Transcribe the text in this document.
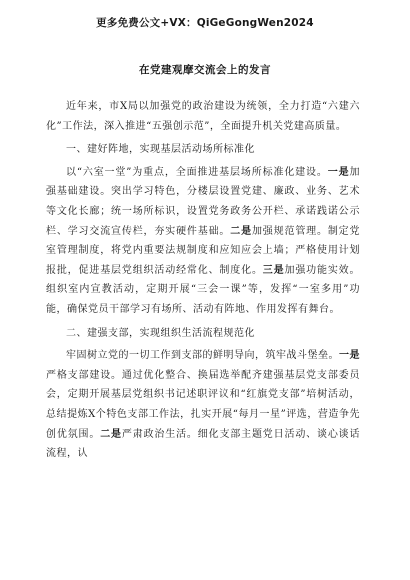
更多免费公文+VX：QiGeGongWen2024
在党建观摩交流会上的发言

近年来，市X局以加强党的政治建设为统领，全力打造“六建六化”工作法，深入推进“五强创示范”，全面提升机关党建高质量。

一、建好阵地，实现基层活动场所标准化

以“六室一堂”为重点，全面推进基层场所标准化建设。一是加强基础建设。突出学习特色，分楼层设置党建、廉政、业务、艺术等文化长廊；统一场所标识，设置党务政务公开栏、承诺践诺公示栏、学习交流宣传栏，夯实硬件基础。二是加强规范管理。制定党室管理制度，将党内重要法规制度和应知应会上墙；严格使用计划报批，促进基层党组织活动经常化、制度化。三是加强功能实效。组织室内宣教活动，定期开展“三会一课”等，发挥“一室多用”功能，确保党员干部学习有场所、活动有阵地、作用发挥有舞台。

二、建强支部，实现组织生活流程规范化

牢固树立党的一切工作到支部的鲜明导向，筑牢战斗堡垒。一是严格支部建设。通过优化整合、换届选举配齐建强基层党支部委员会，定期开展基层党组织书记述职评议和“红旗党支部”培树活动，总结提炼X个特色支部工作法，扎实开展“每月一星”评选，营造争先创优氛围。二是严肃政治生活。细化支部主题党日活动、谈心谈话流程，认
